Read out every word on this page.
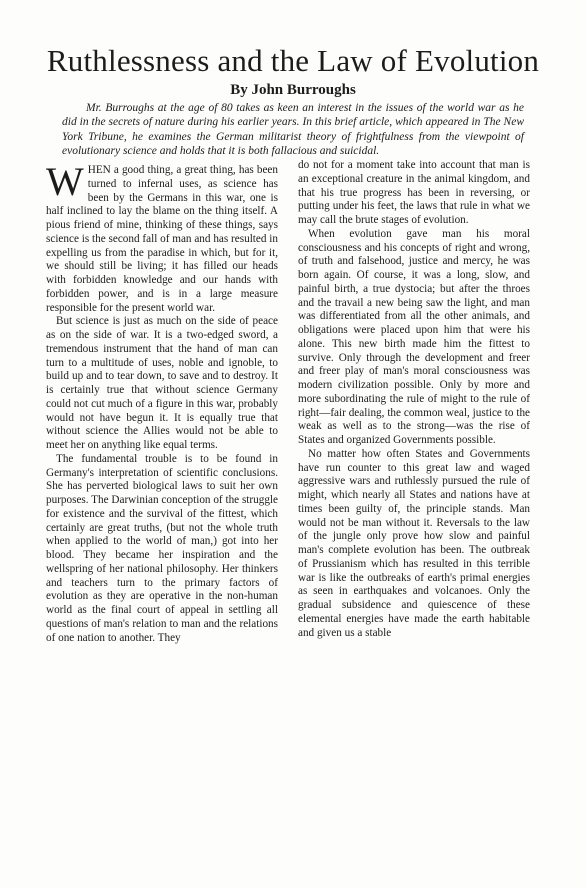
Ruthlessness and the Law of Evolution
By John Burroughs

Mr. Burroughs at the age of 80 takes as keen an interest in the issues of the world war as he did in the secrets of nature during his earlier years. In this brief article, which appeared in The New York Tribune, he examines the German militarist theory of frightfulness from the viewpoint of evolutionary science and holds that it is both fallacious and suicidal.

WHEN a good thing, a great thing, has been turned to infernal uses, as science has been by the Germans in this war, one is half inclined to lay the blame on the thing itself. A pious friend of mine, thinking of these things, says science is the second fall of man and has resulted in expelling us from the paradise in which, but for it, we should still be living; it has filled our heads with forbidden knowledge and our hands with forbidden power, and is in a large measure responsible for the present world war.

But science is just as much on the side of peace as on the side of war. It is a two-edged sword, a tremendous instrument that the hand of man can turn to a multitude of uses, noble and ignoble, to build up and to tear down, to save and to destroy. It is certainly true that without science Germany could not cut much of a figure in this war, probably would not have begun it. It is equally true that without science the Allies would not be able to meet her on anything like equal terms.

The fundamental trouble is to be found in Germany's interpretation of scientific conclusions. She has perverted biological laws to suit her own purposes. The Darwinian conception of the struggle for existence and the survival of the fittest, which certainly are great truths, (but not the whole truth when applied to the world of man,) got into her blood. They became her inspiration and the wellspring of her national philosophy. Her thinkers and teachers turn to the primary factors of evolution as they are operative in the non-human world as the final court of appeal in settling all questions of man's relation to man and the relations of one nation to another. They

do not for a moment take into account that man is an exceptional creature in the animal kingdom, and that his true progress has been in reversing, or putting under his feet, the laws that rule in what we may call the brute stages of evolution.

When evolution gave man his moral consciousness and his concepts of right and wrong, of truth and falsehood, justice and mercy, he was born again. Of course, it was a long, slow, and painful birth, a true dystocia; but after the throes and the travail a new being saw the light, and man was differentiated from all the other animals, and obligations were placed upon him that were his alone. This new birth made him the fittest to survive. Only through the development and freer and freer play of man's moral consciousness was modern civilization possible. Only by more and more subordinating the rule of might to the rule of right—fair dealing, the common weal, justice to the weak as well as to the strong—was the rise of States and organized Governments possible.

No matter how often States and Governments have run counter to this great law and waged aggressive wars and ruthlessly pursued the rule of might, which nearly all States and nations have at times been guilty of, the principle stands. Man would not be man without it. Reversals to the law of the jungle only prove how slow and painful man's complete evolution has been. The outbreak of Prussianism which has resulted in this terrible war is like the outbreaks of earth's primal energies as seen in earthquakes and volcanoes. Only the gradual subsidence and quiescence of these elemental energies have made the earth habitable and given us a stable
